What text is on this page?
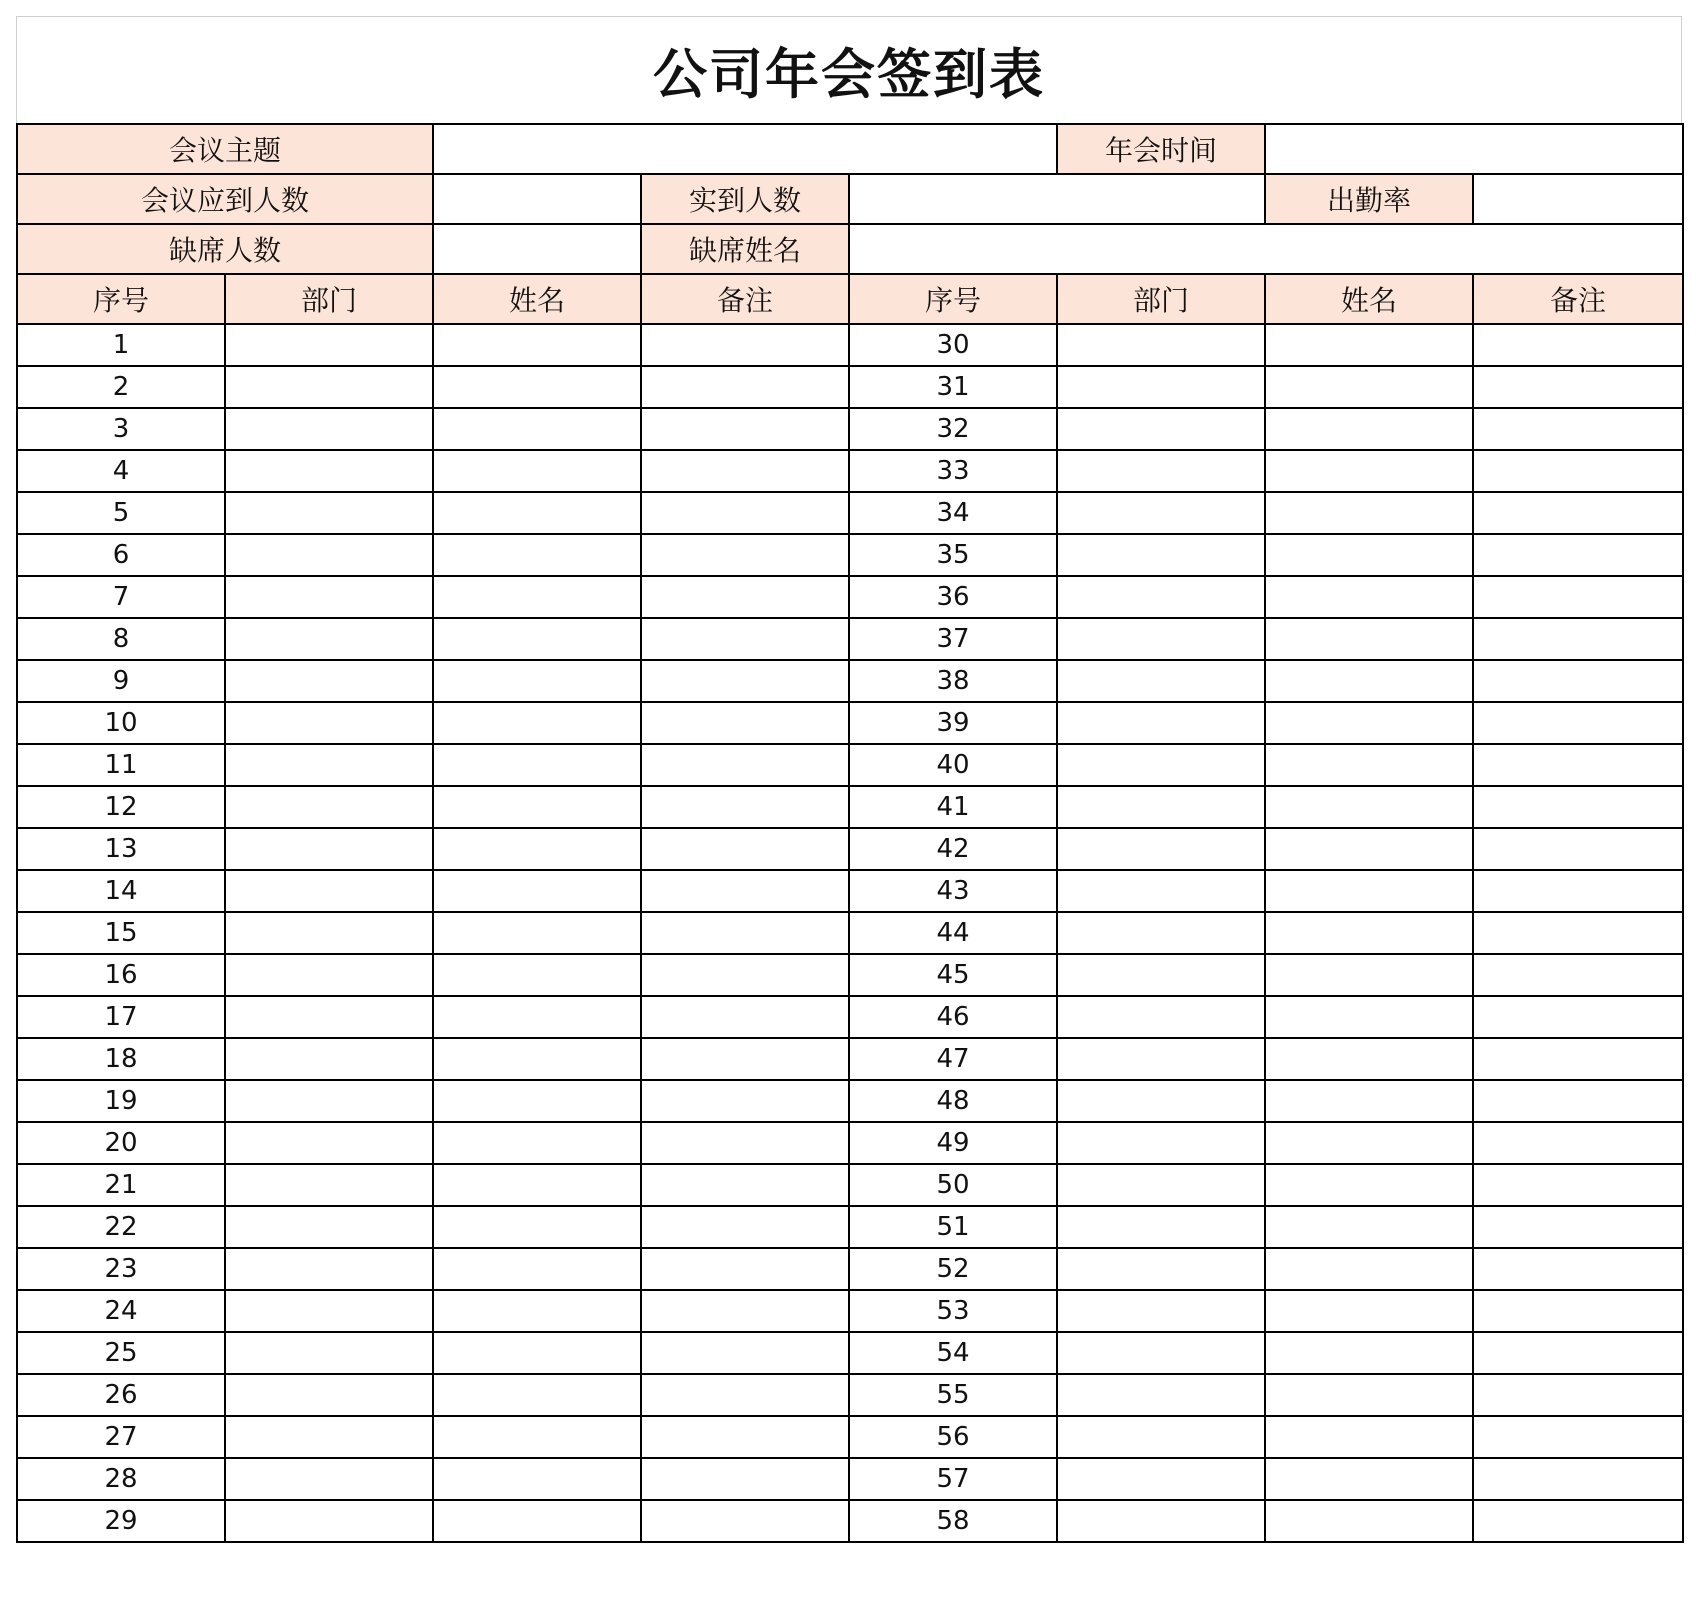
公司年会签到表
会议主题					年会时间		
会议应到人数			实到人数			出勤率	
缺席人数			缺席姓名				
序号	部门	姓名	备注	序号	部门	姓名	备注
1				30			
2				31			
3				32			
4				33			
5				34			
6				35			
7				36			
8				37			
9				38			
10				39			
11				40			
12				41			
13				42			
14				43			
15				44			
16				45			
17				46			
18				47			
19				48			
20				49			
21				50			
22				51			
23				52			
24				53			
25				54			
26				55			
27				56			
28				57			
29				58			
